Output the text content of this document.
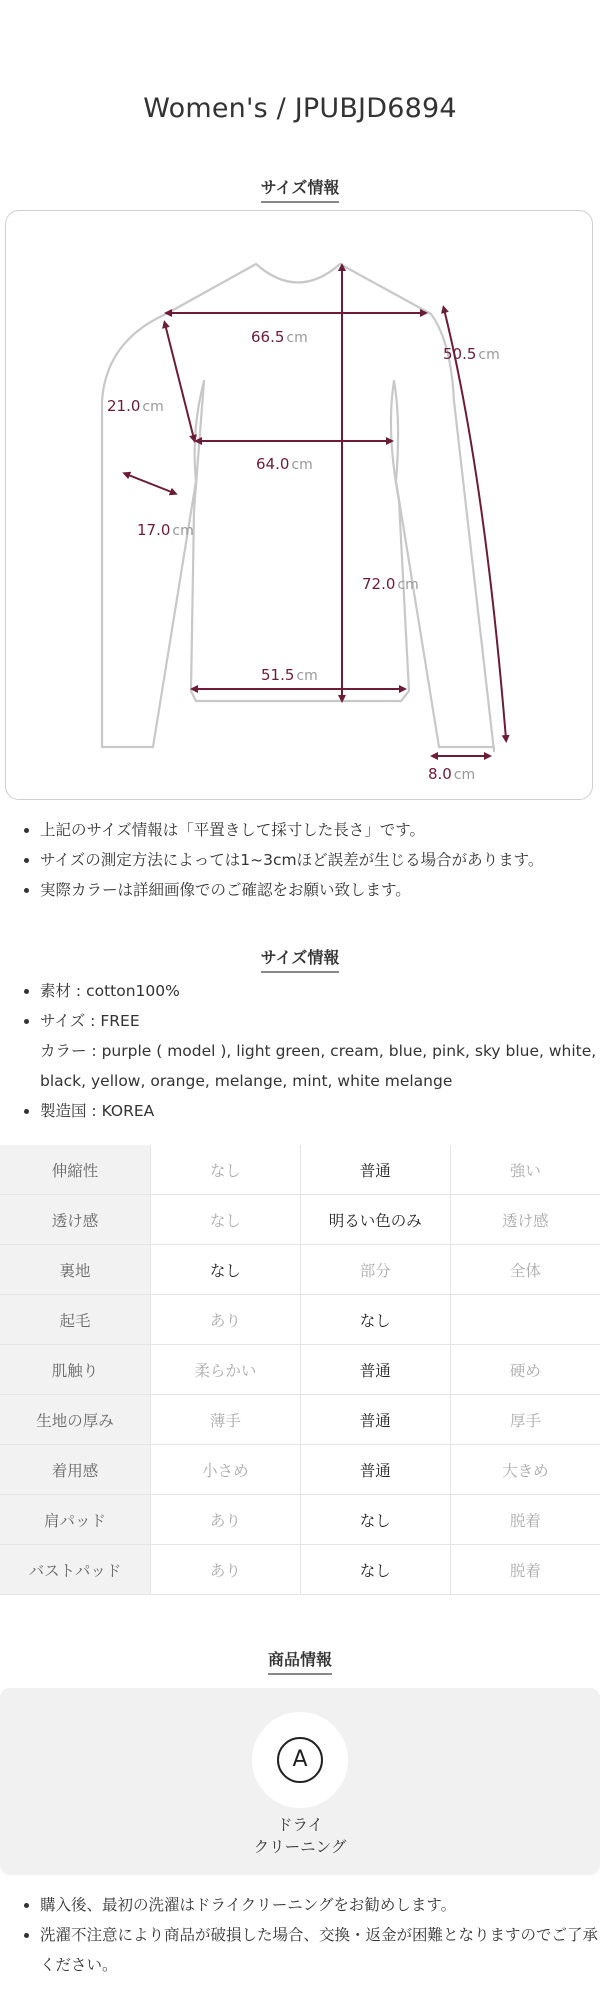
Women's / JPUBJD6894
サイズ情報
66.5 cm
64.0 cm
51.5 cm
72.0 cm
50.5 cm
21.0 cm
17.0 cm
8.0 cm
• 上記のサイズ情報は「平置きして採寸した長さ」です。
• サイズの測定方法によっては1~3cmほど誤差が生じる場合があります。
• 実際カラーは詳細画像でのご確認をお願い致します。
サイズ情報
• 素材 : cotton100%
• サイズ : FREE
• カラー : purple ( model ), light green, cream, blue, pink, sky blue, white, black, yellow, orange, melange, mint, white melange
• 製造国 : KOREA
伸縮性	なし	普通	強い
透け感	なし	明るい色のみ	透け感
裏地	なし	部分	全体
起毛	あり	なし	
肌触り	柔らかい	普通	硬め
生地の厚み	薄手	普通	厚手
着用感	小さめ	普通	大きめ
肩パッド	あり	なし	脱着
バストパッド	あり	なし	脱着
商品情報
A
ドライ
クリーニング
• 購入後、最初の洗濯はドライクリーニングをお勧めします。
• 洗濯不注意により商品が破損した場合、交換・返金が困難となりますのでご了承ください。
